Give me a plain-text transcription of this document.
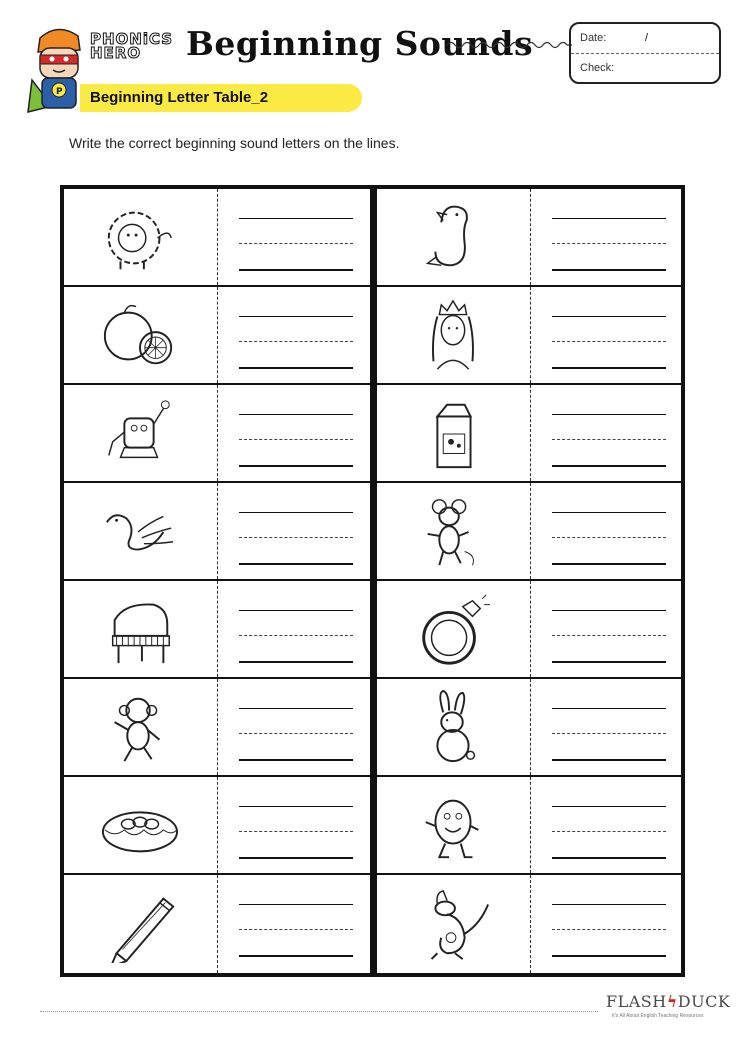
P
PHONiCS
HERO	Beginning Sounds	Date:	/
Check:
Beginning Letter Table_2
Write the correct beginning sound letters on the lines.
FLASHϟDUCK
It's All About English Teaching Resources
